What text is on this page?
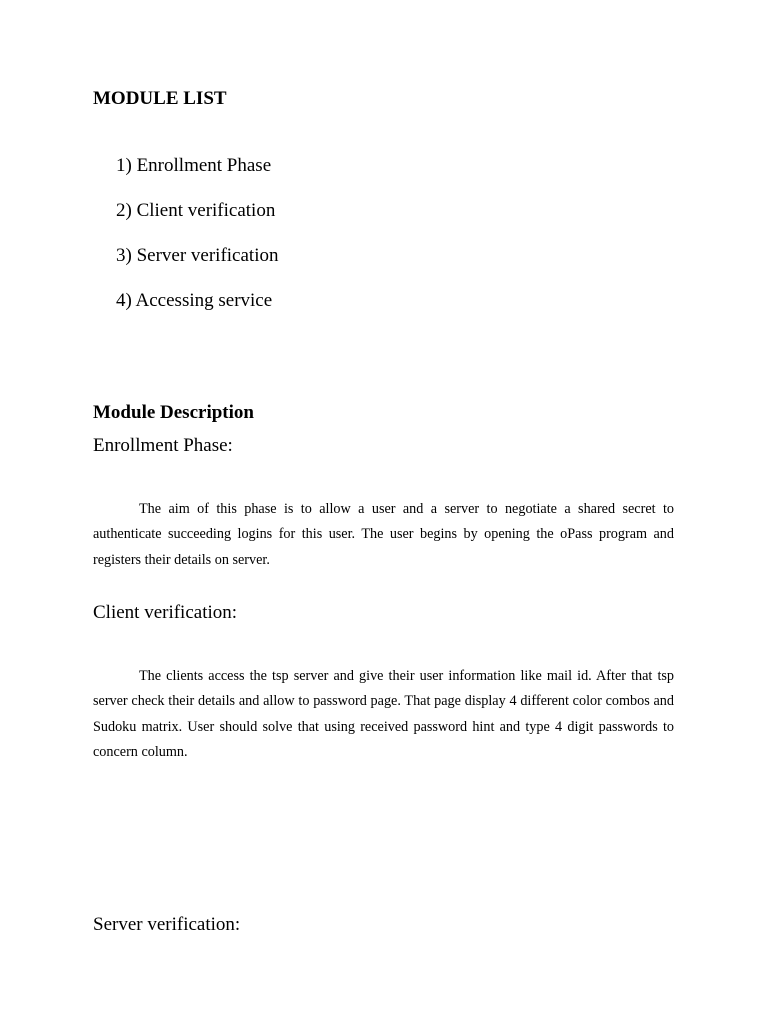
MODULE LIST
1) Enrollment Phase
2) Client verification
3) Server verification
4) Accessing service
Module Description
Enrollment Phase:

The aim of this phase is to allow a user and a server to negotiate a shared secret to authenticate succeeding logins for this user. The user begins by opening the oPass program and registers their details on server.

Client verification:

The clients access the tsp server and give their user information like mail id. After that tsp server check their details and allow to password page. That page display 4 different color combos and Sudoku matrix. User should solve that using received password hint and type 4 digit passwords to concern column.

Server verification:
